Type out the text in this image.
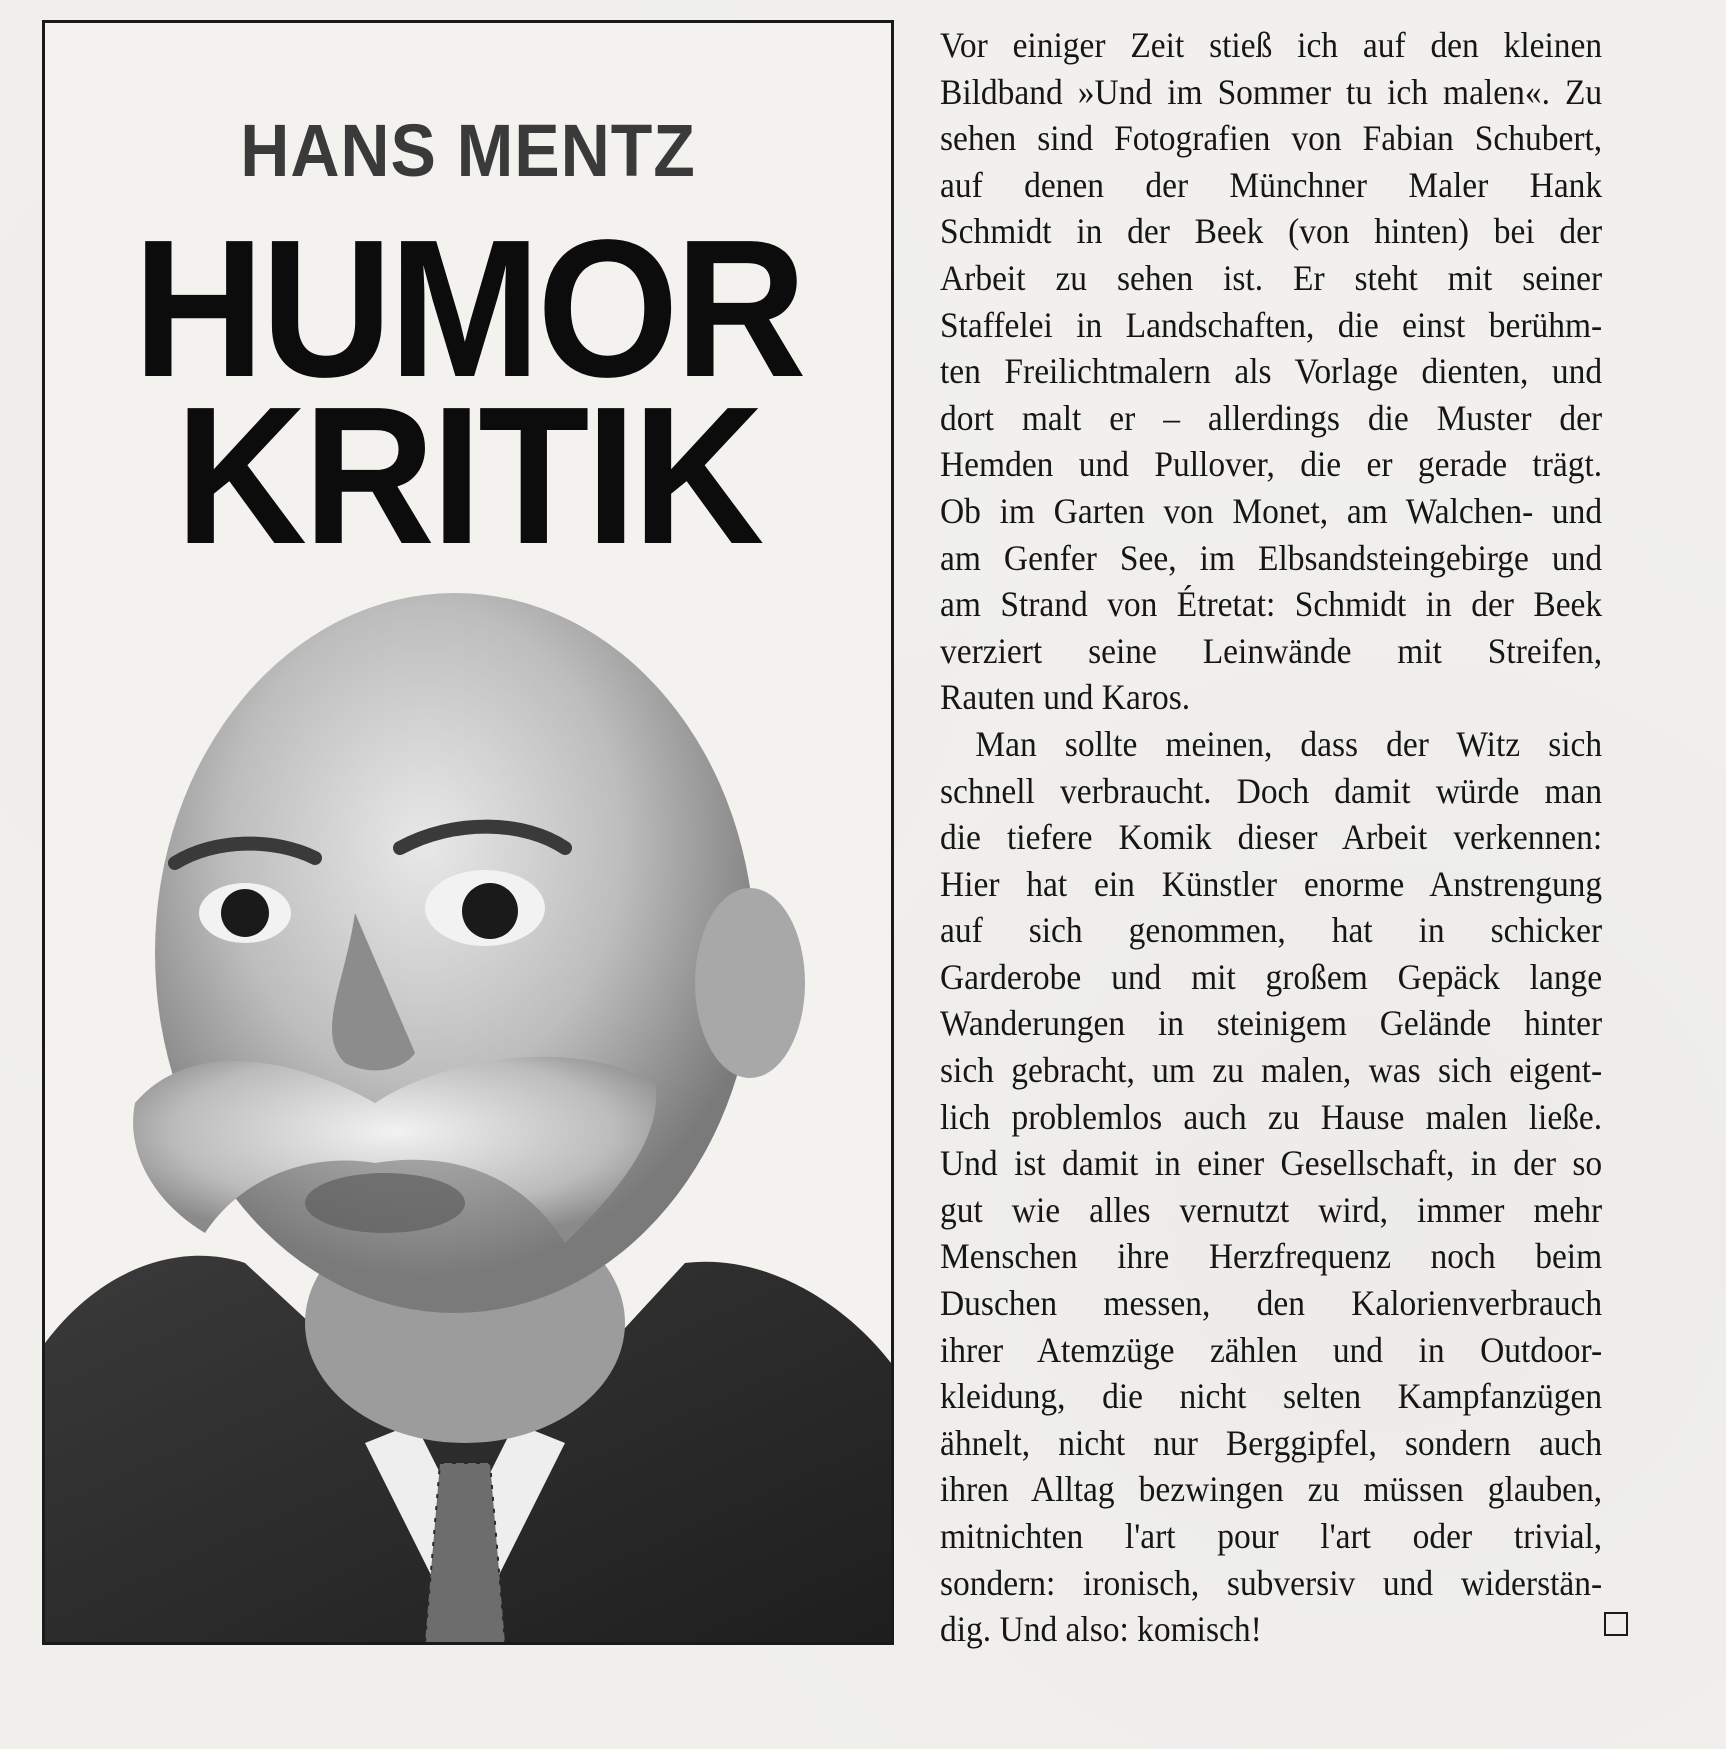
HANS MENTZ
HUMOR
KRITIK

Vor einiger Zeit stieß ich auf den kleinen
Bildband »Und im Sommer tu ich malen«. Zu
sehen sind Fotografien von Fabian Schubert,
auf denen der Münchner Maler Hank
Schmidt in der Beek (von hinten) bei der
Arbeit zu sehen ist. Er steht mit seiner
Staffelei in Landschaften, die einst berühm-
ten Freilichtmalern als Vorlage dienten, und
dort malt er – allerdings die Muster der
Hemden und Pullover, die er gerade trägt.
Ob im Garten von Monet, am Walchen- und
am Genfer See, im Elbsandsteingebirge und
am Strand von Étretat: Schmidt in der Beek
verziert seine Leinwände mit Streifen,
Rauten und Karos.

Man sollte meinen, dass der Witz sich
schnell verbraucht. Doch damit würde man
die tiefere Komik dieser Arbeit verkennen:
Hier hat ein Künstler enorme Anstrengung
auf sich genommen, hat in schicker
Garderobe und mit großem Gepäck lange
Wanderungen in steinigem Gelände hinter
sich gebracht, um zu malen, was sich eigent-
lich problemlos auch zu Hause malen ließe.
Und ist damit in einer Gesellschaft, in der so
gut wie alles vernutzt wird, immer mehr
Menschen ihre Herzfrequenz noch beim
Duschen messen, den Kalorienverbrauch
ihrer Atemzüge zählen und in Outdoor-
kleidung, die nicht selten Kampfanzügen
ähnelt, nicht nur Berggipfel, sondern auch
ihren Alltag bezwingen zu müssen glauben,
mitnichten l'art pour l'art oder trivial,
sondern: ironisch, subversiv und widerstän-
dig. Und also: komisch!
